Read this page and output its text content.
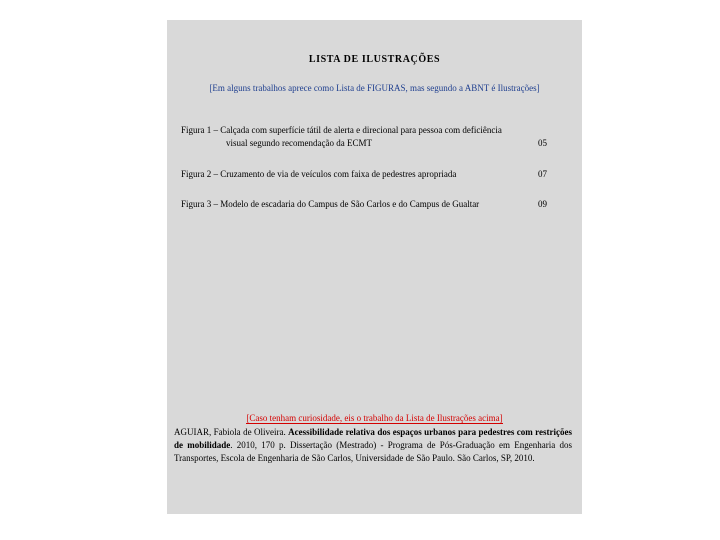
LISTA DE ILUSTRAÇÕES
[Em alguns trabalhos aprece como Lista de FIGURAS, mas segundo a ABNT é Ilustrações]
Figura 1 – Calçada com superfície tátil de alerta e direcional para pessoa com deficiência
visual segundo recomendação da ECMT	05
Figura 2 – Cruzamento de via de veículos com faixa de pedestres apropriada	07
Figura 3 – Modelo de escadaria do Campus de São Carlos e do Campus de Gualtar	09
[Caso tenham curiosidade, eis o trabalho da Lista de Ilustrações acima]
AGUIAR, Fabiola de Oliveira. Acessibilidade relativa dos espaços urbanos para pedestres com restrições de mobilidade. 2010, 170 p. Dissertação (Mestrado) - Programa de Pós-Graduação em Engenharia dos Transportes, Escola de Engenharia de São Carlos, Universidade de São Paulo. São Carlos, SP, 2010.
